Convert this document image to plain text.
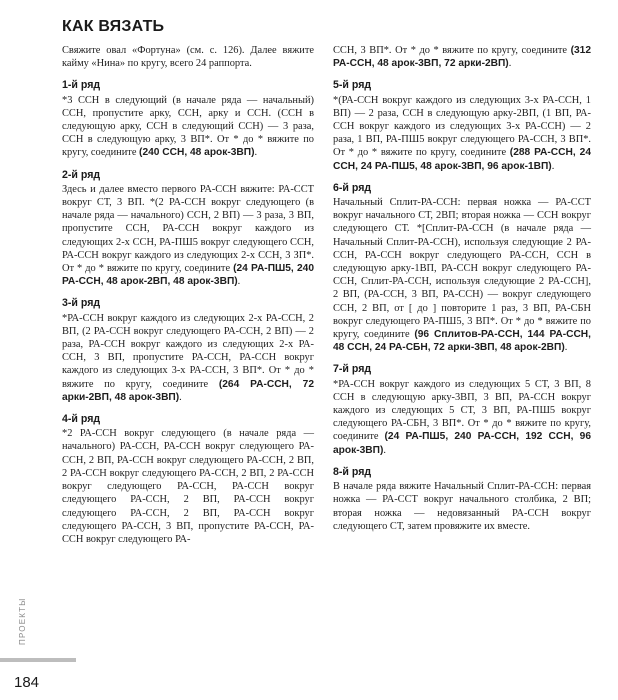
КАК ВЯЗАТЬ

Свяжите овал «Фортуна» (см. с. 126). Далее вяжите кайму «Нина» по кругу, всего 24 раппорта.

1-й ряд

*3 ССН в следующий (в начале ряда — начальный) ССН, пропустите арку, ССН, арку и ССН. (ССН в следующую арку, ССН в следующий ССН) — 3 раза, ССН в следующую арку, 3 ВП*. От * до * вяжите по кругу, соедините (240 ССН, 48 арок-3ВП).

2-й ряд

Здесь и далее вместо первого РА-ССН вяжите: РА-ССТ вокруг СТ, 3 ВП. *(2 РА-ССН вокруг следующего (в начале ряда — начального) ССН, 2 ВП) — 3 раза, 3 ВП, пропустите ССН, РА-ССН вокруг каждого из следующих 2-х ССН, РА-ПШ5 вокруг следующего ССН, РА-ССН вокруг каждого из следующих 2-х ССН, 3 ЗП*. От * до * вяжите по кругу, соедините (24 РА-ПШ5, 240 РА-ССН, 48 арок-2ВП, 48 арок-3ВП).

3-й ряд

*РА-ССН вокруг каждого из следующих 2-х РА-ССН, 2 ВП, (2 РА-ССН вокруг следующего РА-ССН, 2 ВП) — 2 раза, РА-ССН вокруг каждого из следующих 2-х РА-ССН, 3 ВП, пропустите РА-ССН, РА-ССН вокруг каждого из следующих 3-х РА-ССН, 3 ВП*. От * до * вяжите по кругу, соедините (264 РА-ССН, 72 арки-2ВП, 48 арок-3ВП).

4-й ряд

*2 РА-ССН вокруг следующего (в начале ряда — начального) РА-ССН, РА-ССН вокруг следующего РА-ССН, 2 ВП, РА-ССН вокруг следующего РА-ССН, 2 ВП, 2 РА-ССН вокруг следующего РА-ССН, 2 ВП, 2 РА-ССН вокруг следующего РА-ССН, РА-ССН вокруг следующего РА-ССН, 2 ВП, РА-ССН вокруг следующего РА-ССН, 2 ВП, РА-ССН вокруг следующего РА-ССН, 3 ВП, пропустите РА-ССН, РА-ССН вокруг следующего РА-

ССН, 3 ВП*. От * до * вяжите по кругу, соедините (312 РА-ССН, 48 арок-3ВП, 72 арки-2ВП).

5-й ряд

*(РА-ССН вокруг каждого из следующих 3-х РА-ССН, 1 ВП) — 2 раза, ССН в следующую арку-2ВП, (1 ВП, РА-ССН вокруг каждого из следующих 3-х РА-ССН) — 2 раза, 1 ВП, РА-ПШ5 вокруг следующего РА-ССН, 3 ВП*. От * до * вяжите по кругу, соедините (288 РА-ССН, 24 ССН, 24 РА-ПШ5, 48 арок-3ВП, 96 арок-1ВП).

6-й ряд

Начальный Сплит-РА-ССН: первая ножка — РА-ССТ вокруг начального СТ, 2ВП; вторая ножка — ССН вокруг следующего СТ. *[Сплит-РА-ССН (в начале ряда — Начальный Сплит-РА-ССН), используя следующие 2 РА-ССН, РА-ССН вокруг следующего РА-ССН, ССН в следующую арку-1ВП, РА-ССН вокруг следующего РА-ССН, Сплит-РА-ССН, используя следующие 2 РА-ССН], 2 ВП, (РА-ССН, 3 ВП, РА-ССН) — вокруг следующего ССН, 2 ВП, от [ до ] повторите 1 раз, 3 ВП, РА-СБН вокруг следующего РА-ПШ5, 3 ВП*. От * до * вяжите по кругу, соедините (96 Сплитов-РА-ССН, 144 РА-ССН, 48 ССН, 24 РА-СБН, 72 арки-3ВП, 48 арок-2ВП).

7-й ряд

*РА-ССН вокруг каждого из следующих 5 СТ, 3 ВП, 8 ССН в следующую арку-3ВП, 3 ВП, РА-ССН вокруг каждого из следующих 5 СТ, 3 ВП, РА-ПШ5 вокруг следующего РА-СБН, 3 ВП*. От * до * вяжите по кругу, соедините (24 РА-ПШ5, 240 РА-ССН, 192 ССН, 96 арок-3ВП).

8-й ряд

В начале ряда вяжите Начальный Сплит-РА-ССН: первая ножка — РА-ССТ вокруг начального столбика, 2 ВП; вторая ножка — недовязанный РА-ССН вокруг следующего СТ, затем провяжите их вместе.

ПРОЕКТЫ
184
